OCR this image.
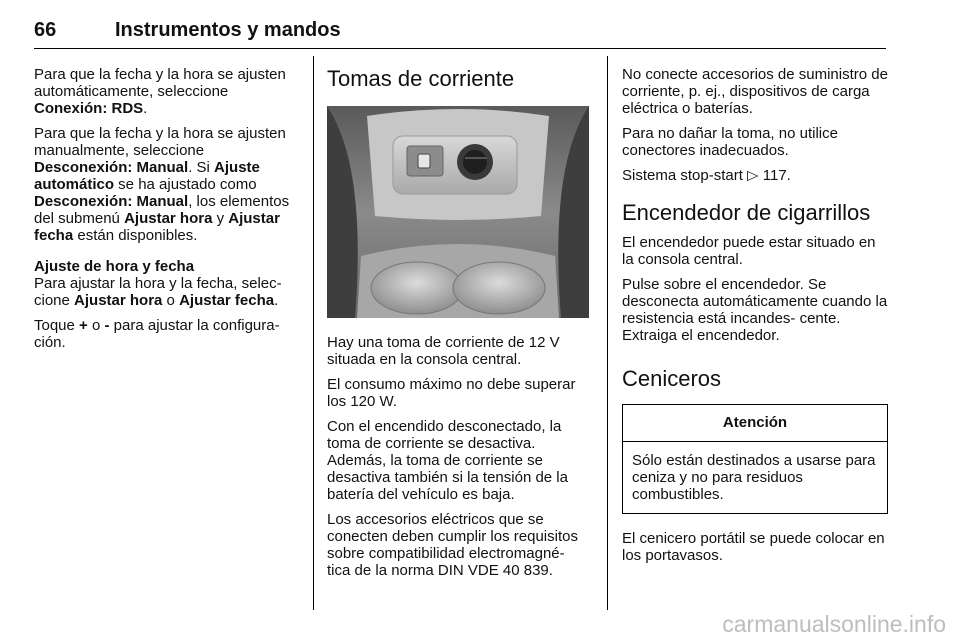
66	Instrumentos y mandos

Para que la fecha y la hora se ajusten automáticamente, seleccione Conexión: RDS.

Para que la fecha y la hora se ajusten manualmente, seleccione Desconexión: Manual. Si Ajuste automático se ha ajustado como Desconexión: Manual, los elementos del submenú Ajustar hora y Ajustar fecha están disponibles.

Ajuste de hora y fecha

Para ajustar la hora y la fecha, selec‑ cione Ajustar hora o Ajustar fecha.

Toque + o - para ajustar la configura‑ ción.

Tomas de corriente

Hay una toma de corriente de 12 V situada en la consola central.

El consumo máximo no debe superar los 120 W.

Con el encendido desconectado, la toma de corriente se desactiva. Además, la toma de corriente se desactiva también si la tensión de la batería del vehículo es baja.

Los accesorios eléctricos que se conecten deben cumplir los requisitos sobre compatibilidad electromagné‑ tica de la norma DIN VDE 40 839.

No conecte accesorios de suministro de corriente, p. ej., dispositivos de carga eléctrica o baterías.

Para no dañar la toma, no utilice conectores inadecuados.

Sistema stop‑start ▷ 117.

Encendedor de cigarrillos

El encendedor puede estar situado en la consola central.

Pulse sobre el encendedor. Se desconecta automáticamente cuando la resistencia está incandes‑ cente. Extraiga el encendedor.

Ceniceros
Atención
Sólo están destinados a usarse para ceniza y no para residuos combustibles.

El cenicero portátil se puede colocar en los portavasos.

carmanualsonline.info
